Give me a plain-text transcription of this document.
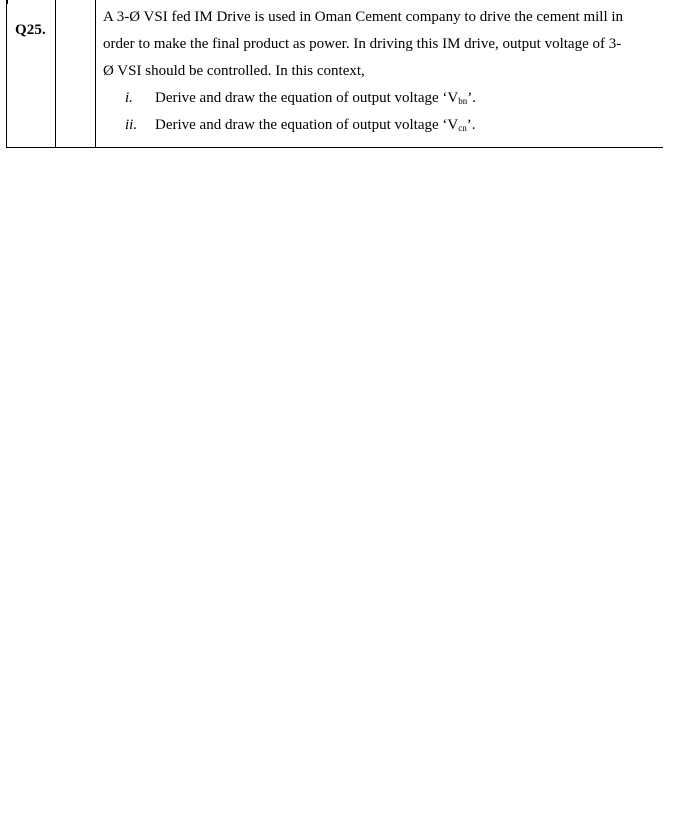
Q25.

A 3-Ø VSI fed IM Drive is used in Oman Cement company to drive the cement mill in

order to make the final product as power. In driving this IM drive, output voltage of 3-

Ø VSI should be controlled. In this context,

i. Derive and draw the equation of output voltage ‘$V_{bn}$’.
ii. Derive and draw the equation of output voltage ‘$V_{cn}$’.
